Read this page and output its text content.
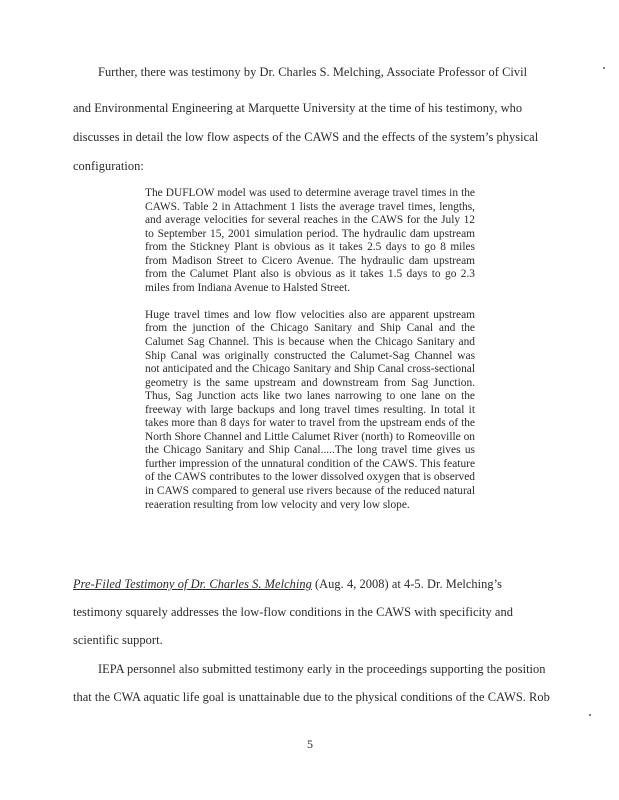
Further, there was testimony by Dr. Charles S. Melching, Associate Professor of Civil
and Environmental Engineering at Marquette University at the time of his testimony, who
discusses in detail the low flow aspects of the CAWS and the effects of the system’s physical
configuration:

The DUFLOW model was used to determine average travel times in the CAWS. Table 2 in Attachment 1 lists the average travel times, lengths, and average velocities for several reaches in the CAWS for the July 12 to September 15, 2001 simulation period. The hydraulic dam upstream from the Stickney Plant is obvious as it takes 2.5 days to go 8 miles from Madison Street to Cicero Avenue. The hydraulic dam upstream from the Calumet Plant also is obvious as it takes 1.5 days to go 2.3 miles from Indiana Avenue to Halsted Street.

Huge travel times and low flow velocities also are apparent upstream from the junction of the Chicago Sanitary and Ship Canal and the Calumet Sag Channel. This is because when the Chicago Sanitary and Ship Canal was originally constructed the Calumet-Sag Channel was not anticipated and the Chicago Sanitary and Ship Canal cross-sectional geometry is the same upstream and downstream from Sag Junction. Thus, Sag Junction acts like two lanes narrowing to one lane on the freeway with large backups and long travel times resulting. In total it takes more than 8 days for water to travel from the upstream ends of the North Shore Channel and Little Calumet River (north) to Romeoville on the Chicago Sanitary and Ship Canal.....The long travel time gives us further impression of the unnatural condition of the CAWS. This feature of the CAWS contributes to the lower dissolved oxygen that is observed in CAWS compared to general use rivers because of the reduced natural reaeration resulting from low velocity and very low slope.

Pre-Filed Testimony of Dr. Charles S. Melching (Aug. 4, 2008) at 4-5. Dr. Melching’s
testimony squarely addresses the low-flow conditions in the CAWS with specificity and
scientific support.
IEPA personnel also submitted testimony early in the proceedings supporting the position
that the CWA aquatic life goal is unattainable due to the physical conditions of the CAWS. Rob
5
